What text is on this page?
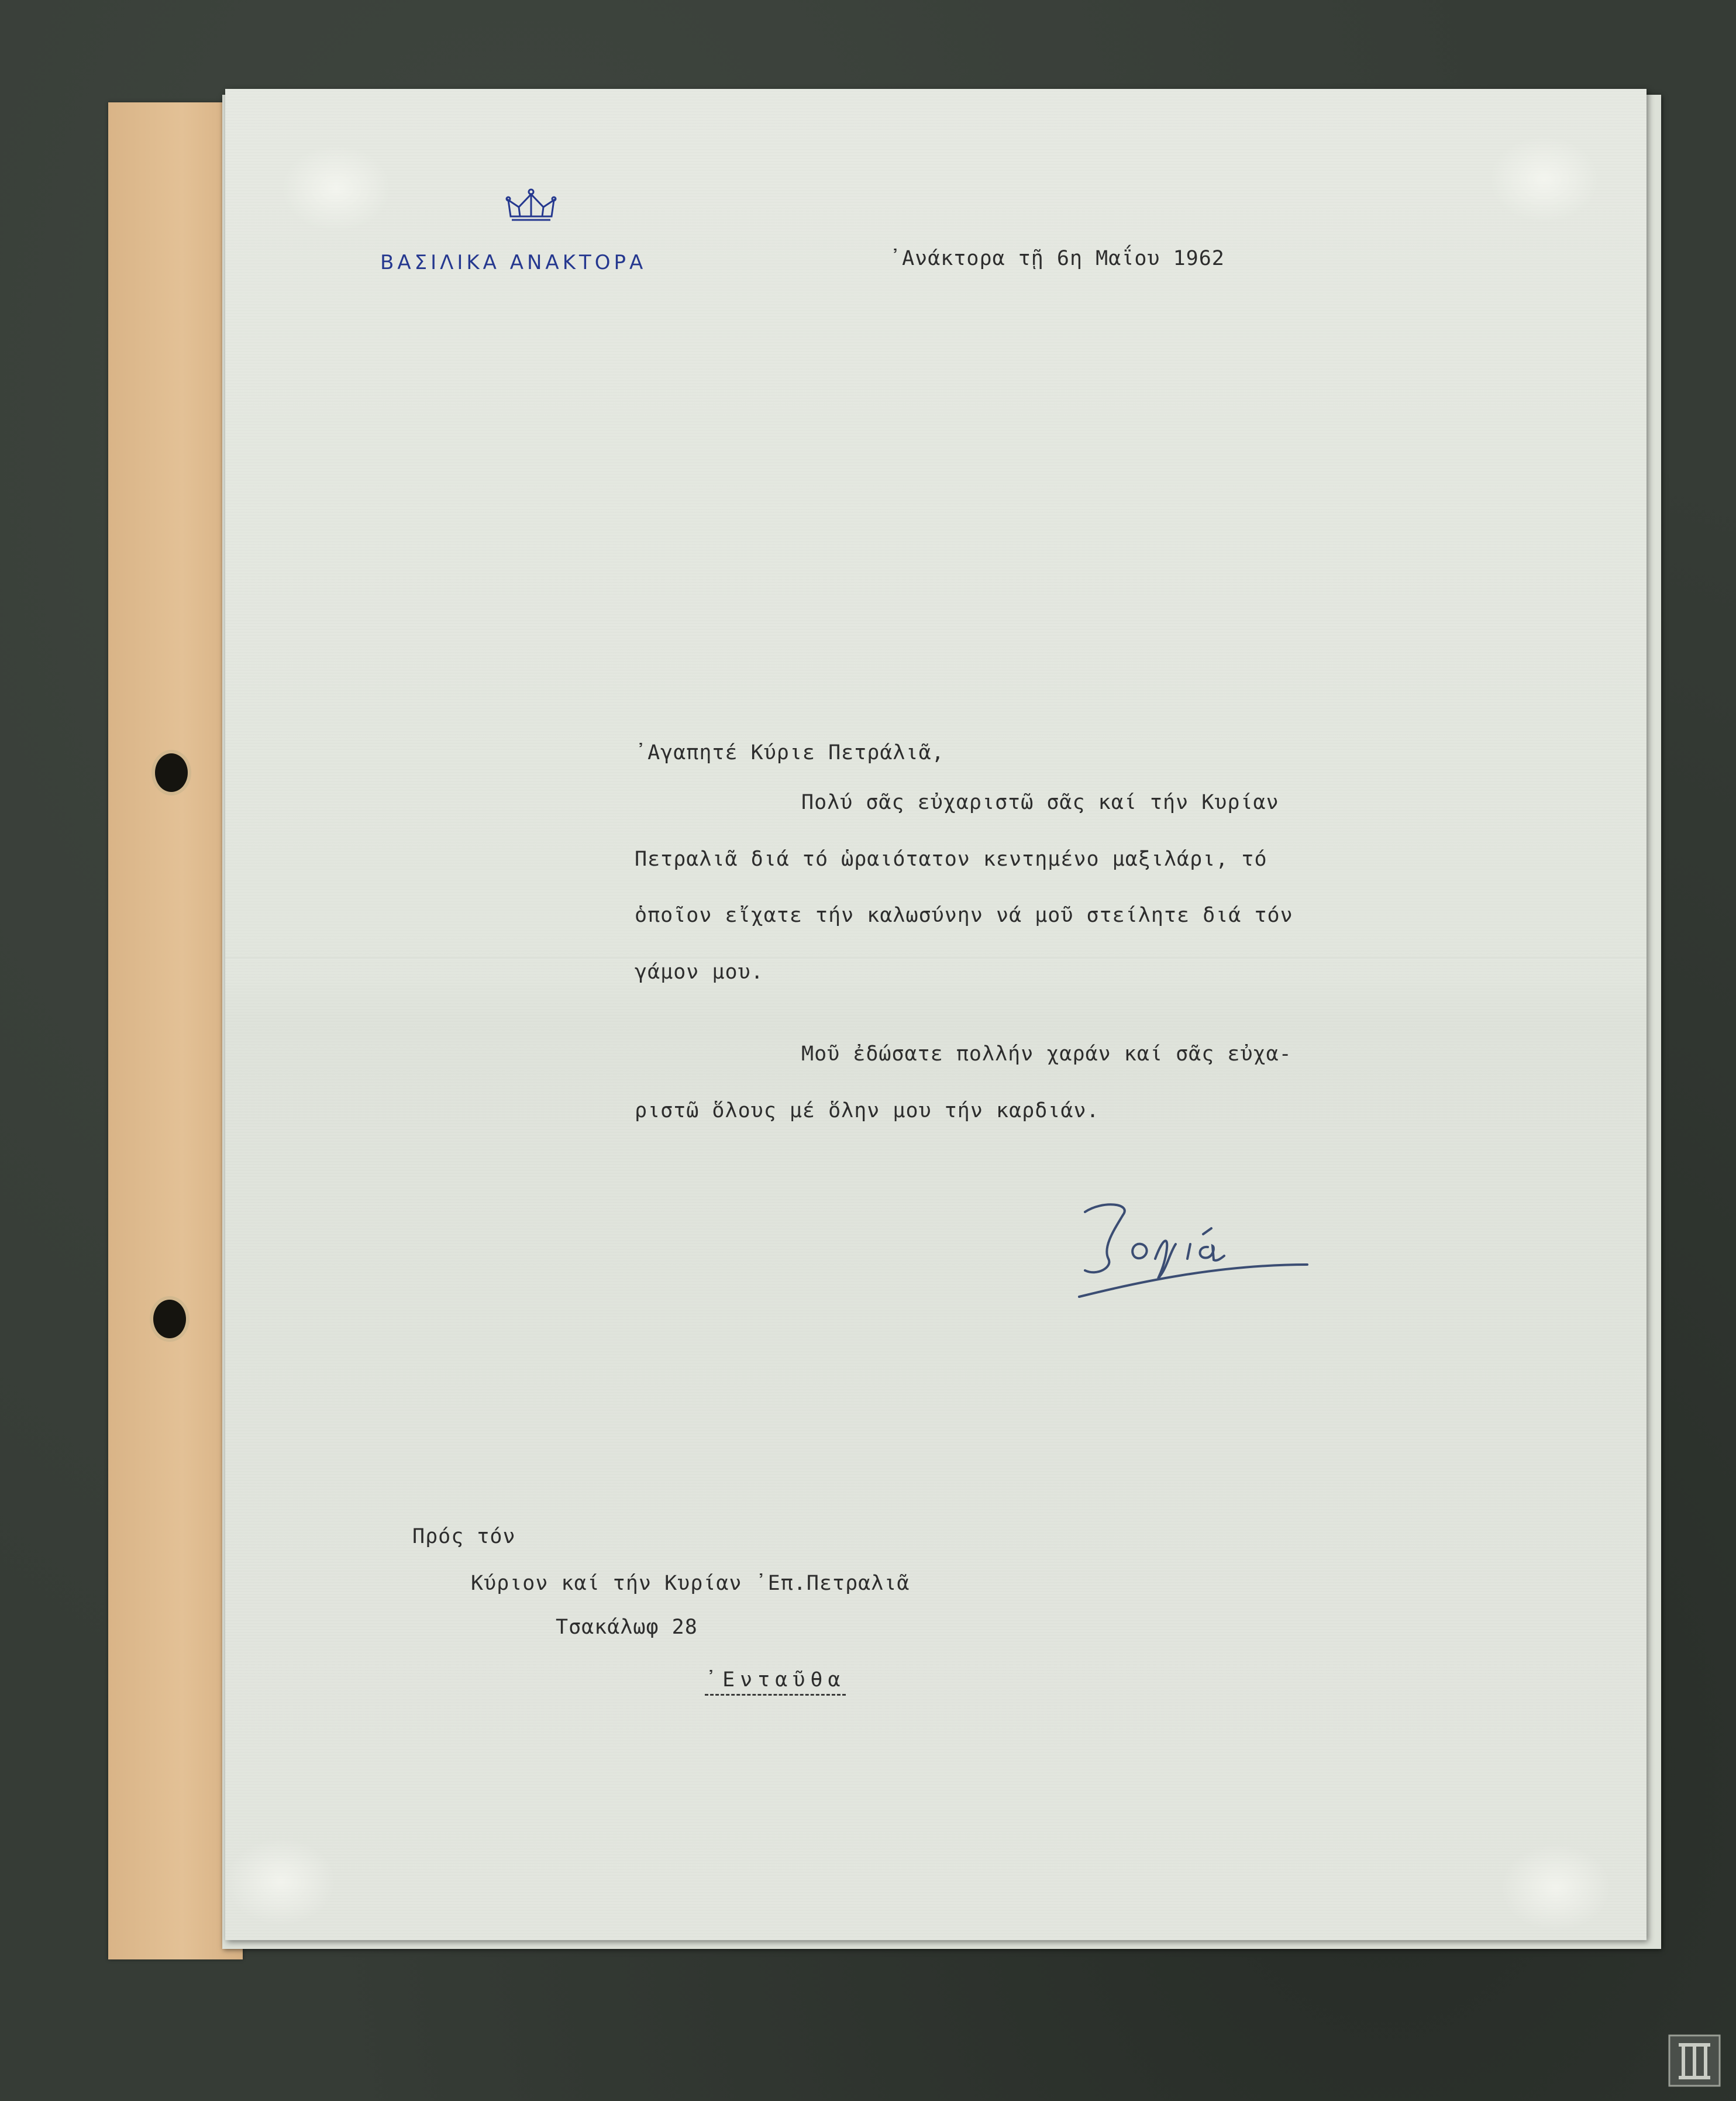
ΒΑΣΙΛΙΚΑ ΑΝΑΚΤΟΡΑ	᾿Ανάκτορα τῇ 6η Μαΐου 1962
᾿Αγαπητέ Κύριε Πετράλιᾶ,
Πολύ σᾶς εὐχαριστῶ σᾶς καί τήν Κυρίαν
Πετραλιᾶ διά τό ὡραιότατον κεντημένο μαξιλάρι, τό
ὁποῖον εἴχατε τήν καλωσύνην νά μοῦ στείλητε διά τόν
γάμον μου.
Μοῦ ἐδώσατε πολλήν χαράν καί σᾶς εὐχα-
ριστῶ ὅλους μέ ὅλην μου τήν καρδιάν.
Πρός τόν
Κύριον καί τήν Κυρίαν ᾿Επ.Πετραλιᾶ
Τσακάλωφ 28
᾿Ενταῦθα
